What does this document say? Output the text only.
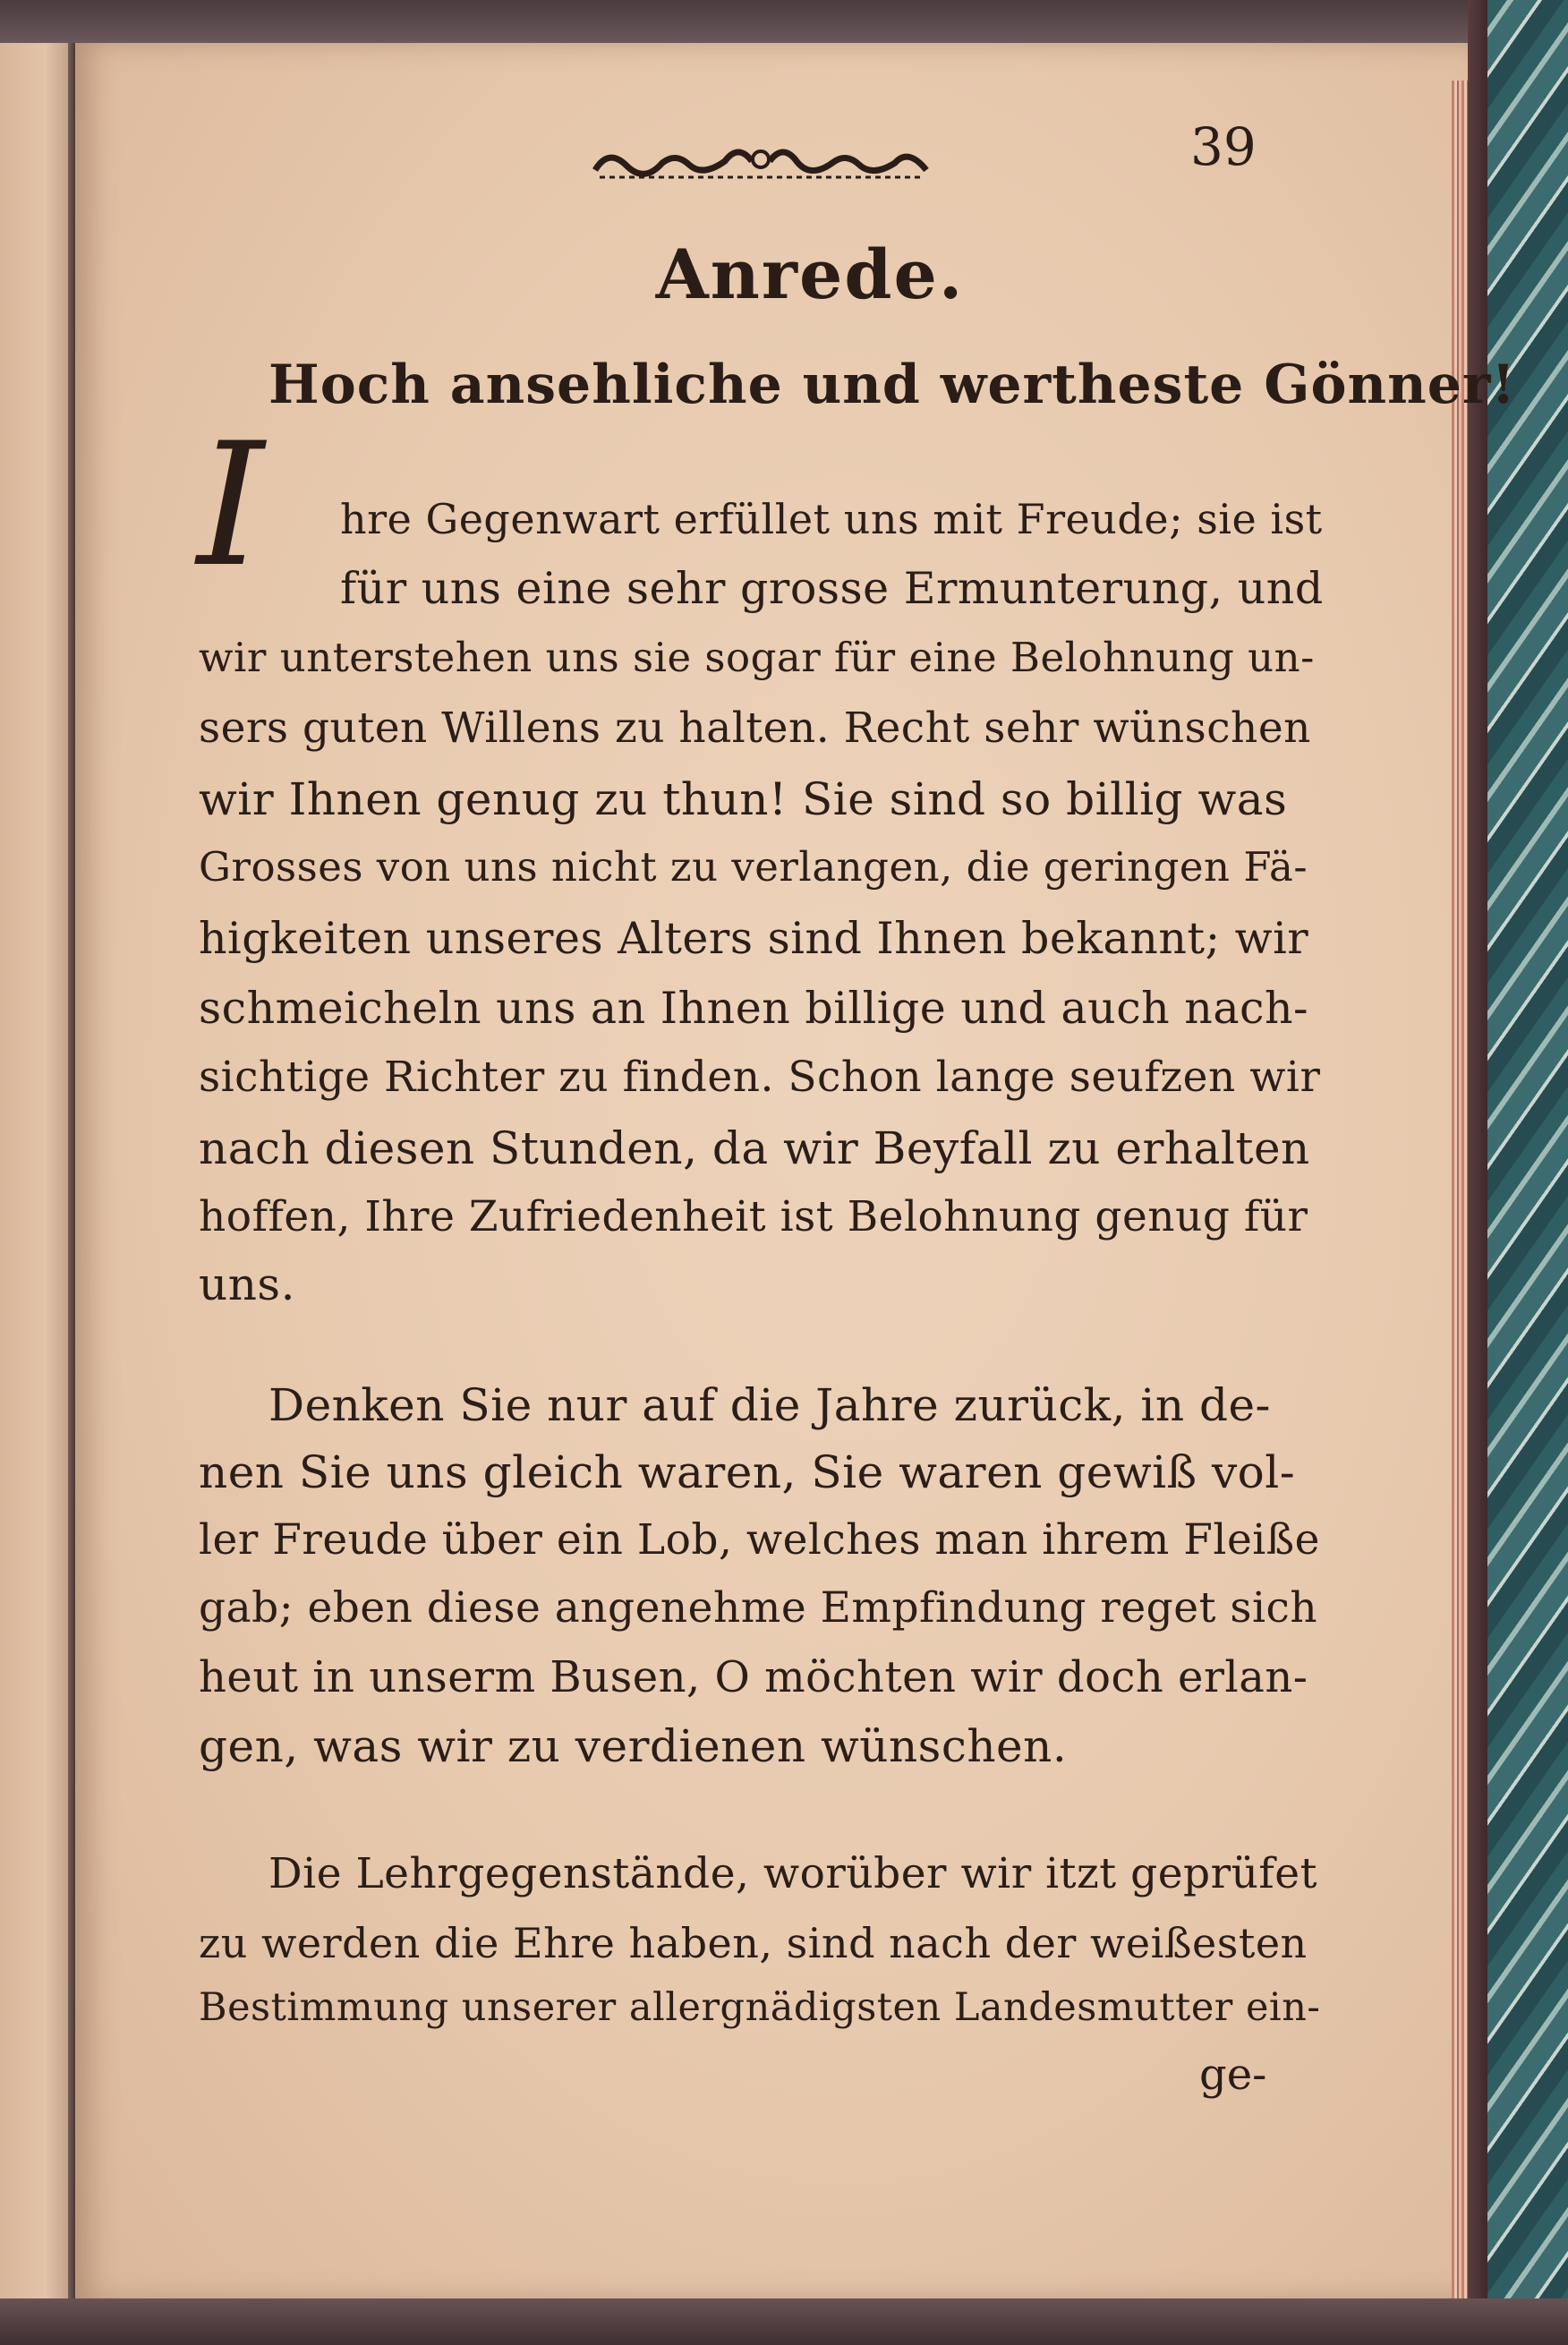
39
Anrede.
Hoch ansehliche und wertheste Gönner!
I hre Gegenwart erfüllet uns mit Freude; sie ist
für uns eine sehr grosse Ermunterung, und
wir unterstehen uns sie sogar für eine Belohnung un-
sers guten Willens zu halten. Recht sehr wünschen
wir Ihnen genug zu thun! Sie sind so billig was
Grosses von uns nicht zu verlangen, die geringen Fä-
higkeiten unseres Alters sind Ihnen bekannt; wir
schmeicheln uns an Ihnen billige und auch nach-
sichtige Richter zu finden. Schon lange seufzen wir
nach diesen Stunden, da wir Beyfall zu erhalten
hoffen, Ihre Zufriedenheit ist Belohnung genug für
uns.
Denken Sie nur auf die Jahre zurück, in de-
nen Sie uns gleich waren, Sie waren gewiß vol-
ler Freude über ein Lob, welches man ihrem Fleiße
gab; eben diese angenehme Empfindung reget sich
heut in unserm Busen, O möchten wir doch erlan-
gen, was wir zu verdienen wünschen.
Die Lehrgegenstände, worüber wir itzt geprüfet
zu werden die Ehre haben, sind nach der weißesten
Bestimmung unserer allergnädigsten Landesmutter ein-
ge-
